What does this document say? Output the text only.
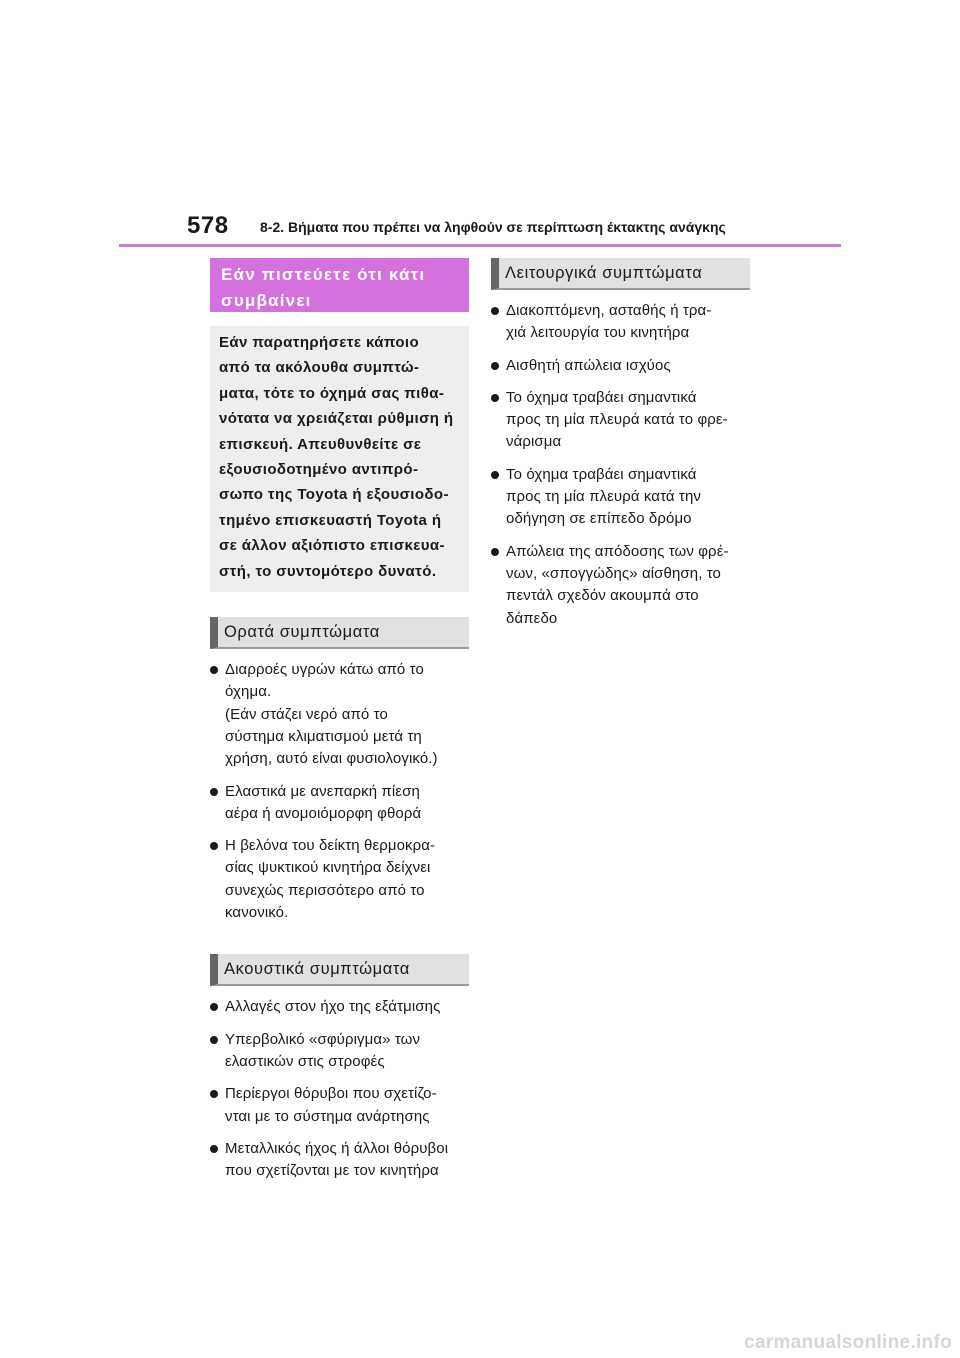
578 8-2. Βήματα που πρέπει να ληφθούν σε περίπτωση έκτακτης ανάγκης
Εάν πιστεύετε ότι κάτι
συμβαίνει
Εάν παρατηρήσετε κάποιο
από τα ακόλουθα συμπτώ-
ματα, τότε το όχημά σας πιθα-
νότατα να χρειάζεται ρύθμιση ή
επισκευή. Απευθυνθείτε σε
εξουσιοδοτημένο αντιπρό-
σωπο της Toyota ή εξουσιοδο-
τημένο επισκευαστή Toyota ή
σε άλλον αξιόπιστο επισκευα-
στή, το συντομότερο δυνατό.
Ορατά συμπτώματα
Διαρροές υγρών κάτω από το
όχημα.
(Εάν στάζει νερό από το
σύστημα κλιματισμού μετά τη
χρήση, αυτό είναι φυσιολογικό.)
Ελαστικά με ανεπαρκή πίεση
αέρα ή ανομοιόμορφη φθορά
Η βελόνα του δείκτη θερμοκρα-
σίας ψυκτικού κινητήρα δείχνει
συνεχώς περισσότερο από το
κανονικό.
Ακουστικά συμπτώματα
Αλλαγές στον ήχο της εξάτμισης
Υπερβολικό «σφύριγμα» των
ελαστικών στις στροφές
Περίεργοι θόρυβοι που σχετίζο-
νται με το σύστημα ανάρτησης
Μεταλλικός ήχος ή άλλοι θόρυβοι
που σχετίζονται με τον κινητήρα
Λειτουργικά συμπτώματα
Διακοπτόμενη, ασταθής ή τρα-
χιά λειτουργία του κινητήρα
Αισθητή απώλεια ισχύος
Το όχημα τραβάει σημαντικά
προς τη μία πλευρά κατά το φρε-
νάρισμα
Το όχημα τραβάει σημαντικά
προς τη μία πλευρά κατά την
οδήγηση σε επίπεδο δρόμο
Απώλεια της απόδοσης των φρέ-
νων, «σπογγώδης» αίσθηση, το
πεντάλ σχεδόν ακουμπά στο
δάπεδο
carmanualsonline.info
